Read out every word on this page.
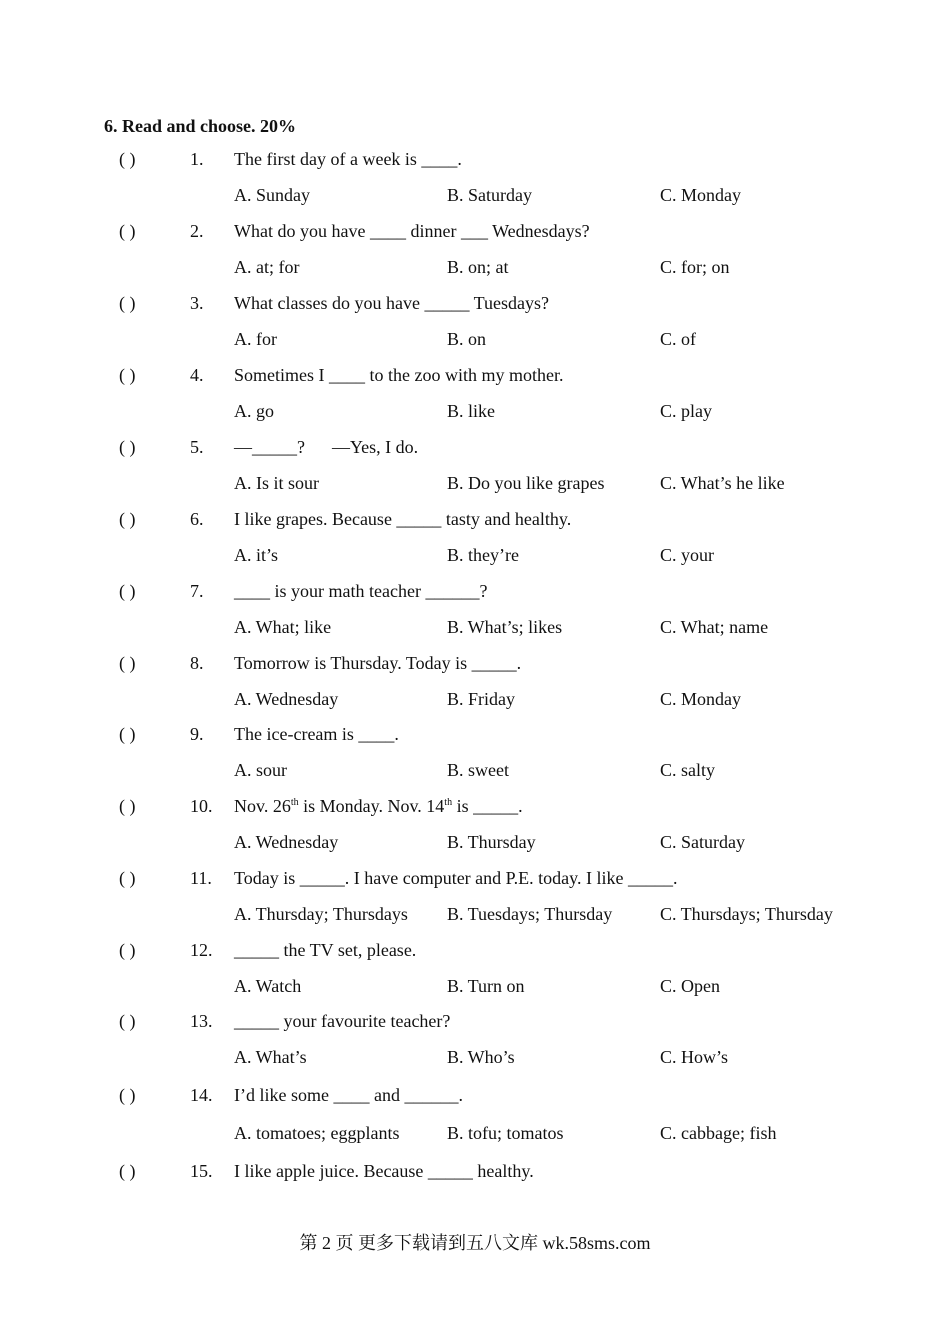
6. Read and choose. 20%
( )	1. The first day of a week is ____.
A. Sunday	B. Saturday	C. Monday
( )	2. What do you have ____ dinner ___ Wednesdays?
A. at; for	B. on; at	C. for; on
( )	3. What classes do you have _____ Tuesdays?
A. for	B. on	C. of
( )	4. Sometimes I ____ to the zoo with my mother.
A. go	B. like	C. play
( )	5. —_____?      —Yes, I do.
A. Is it sour	B. Do you like grapes	C. What’s he like
( )	6. I like grapes. Because _____ tasty and healthy.
A. it’s	B. they’re	C. your
( )	7. ____ is your math teacher ______?
A. What; like	B. What’s; likes	C. What; name
( )	8. Tomorrow is Thursday. Today is _____.
A. Wednesday	B. Friday	C. Monday
( )	9. The ice-cream is ____.
A. sour	B. sweet	C. salty
( )	10. Nov. 26th is Monday. Nov. 14th is _____.
A. Wednesday	B. Thursday	C. Saturday
( )	11. Today is _____. I have computer and P.E. today. I like _____.
A. Thursday; Thursdays B. Tuesdays; Thursday	C. Thursdays; Thursday
( )	12. _____ the TV set, please.
A. Watch	B. Turn on	C. Open
( )	13. _____ your favourite teacher?
A. What’s	B. Who’s	C. How’s
( )	14. I’d like some ____ and ______.
A. tomatoes; eggplants	B. tofu; tomatos	C. cabbage; fish
( )	15. I like apple juice. Because _____ healthy.
第 2 页 更多下载请到五八文库 wk.58sms.com
